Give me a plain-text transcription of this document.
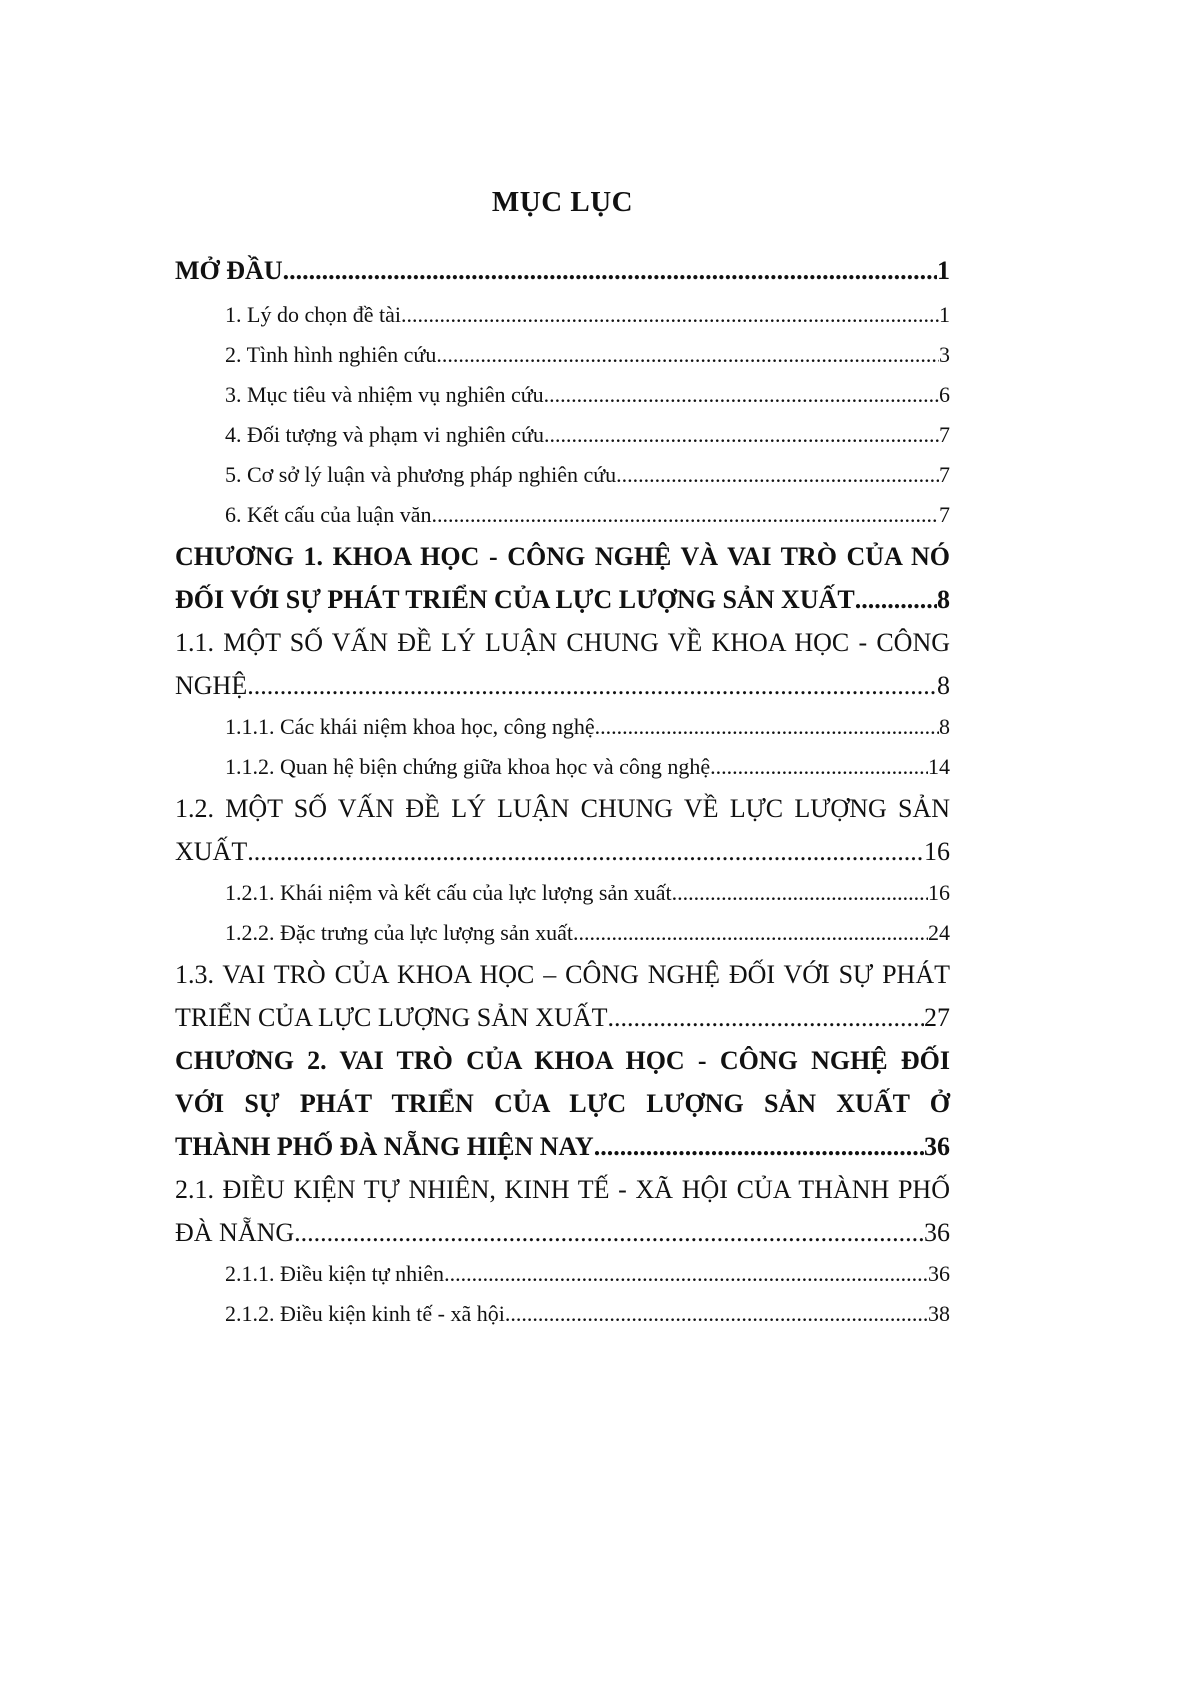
MỤC LỤC
MỞ ĐẦU .....	1
1. Lý do chọn đề tài .....	1
2. Tình hình nghiên cứu .....	3
3. Mục tiêu và nhiệm vụ nghiên cứu .....	6
4. Đối tượng và phạm vi nghiên cứu .....	7
5. Cơ sở lý luận và phương pháp nghiên cứu .....	7
6. Kết cấu của luận văn .....	7
CHƯƠNG 1. KHOA HỌC - CÔNG NGHỆ VÀ VAI TRÒ CỦA NÓ
ĐỐI VỚI SỰ PHÁT TRIỂN CỦA LỰC LƯỢNG SẢN XUẤT .....	8
1.1. MỘT SỐ VẤN ĐỀ LÝ LUẬN CHUNG VỀ KHOA HỌC - CÔNG
NGHỆ .....	8
1.1.1. Các khái niệm khoa học, công nghệ .....	8
1.1.2. Quan hệ biện chứng giữa khoa học và công nghệ .....	14
1.2. MỘT SỐ VẤN ĐỀ LÝ LUẬN CHUNG VỀ LỰC LƯỢNG SẢN
XUẤT .....	16
1.2.1. Khái niệm và kết cấu của lực lượng sản xuất .....	16
1.2.2. Đặc trưng của lực lượng sản xuất .....	24
1.3. VAI TRÒ CỦA KHOA HỌC – CÔNG NGHỆ ĐỐI VỚI SỰ PHÁT
TRIỂN CỦA LỰC LƯỢNG SẢN XUẤT .....	27
CHƯƠNG 2. VAI TRÒ CỦA KHOA HỌC - CÔNG NGHỆ ĐỐI
VỚI SỰ PHÁT TRIỂN CỦA LỰC LƯỢNG SẢN XUẤT Ở
THÀNH PHỐ ĐÀ NẴNG HIỆN NAY .....	36
2.1. ĐIỀU KIỆN TỰ NHIÊN, KINH TẾ - XÃ HỘI CỦA THÀNH PHỐ
ĐÀ NẴNG .....	36
2.1.1. Điều kiện tự nhiên .....	36
2.1.2. Điều kiện kinh tế - xã hội .....	38
